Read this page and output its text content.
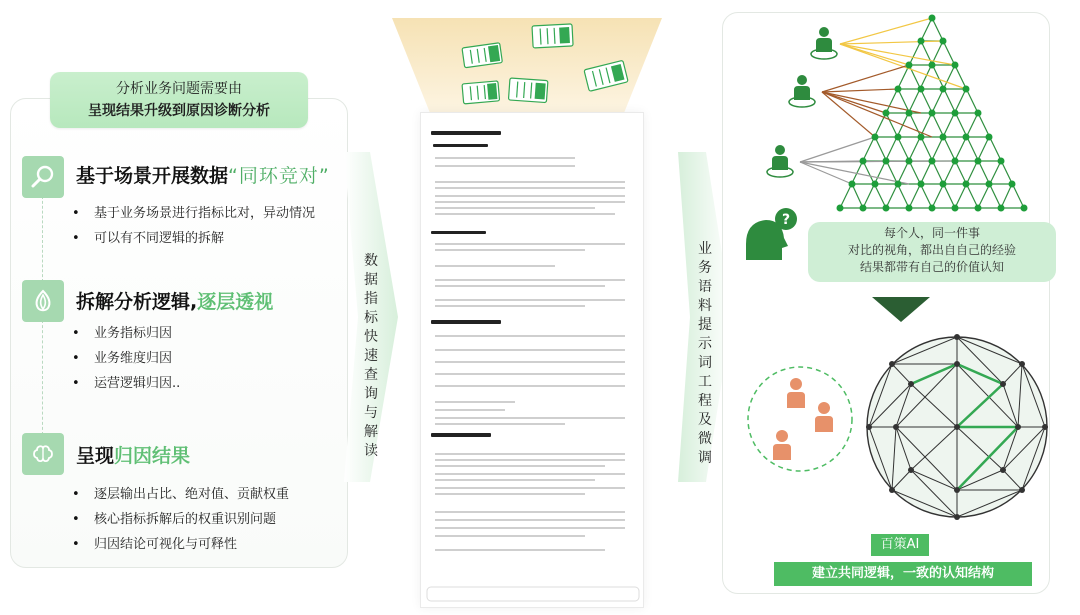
分析业务问题需要由
呈现结果升级到原因诊断分析
基于场景开展数据“同环竞对”
• 基于业务场景进行指标比对，异动情况
• 可以有不同逻辑的拆解
拆解分析逻辑,逐层透视
• 业务指标归因
• 业务维度归因
• 运营逻辑归因..
呈现归因结果
• 逐层输出占比、绝对值、贡献权重
• 核心指标拆解后的权重识别问题
• 归因结论可视化与可释性
数据指标快速查询与解读
业务语料提示词工程及微调
?
每个人，同一件事
对比的视角，都出自自己的经验
结果都带有自己的价值认知
百策AI
建立共同逻辑，一致的认知结构
